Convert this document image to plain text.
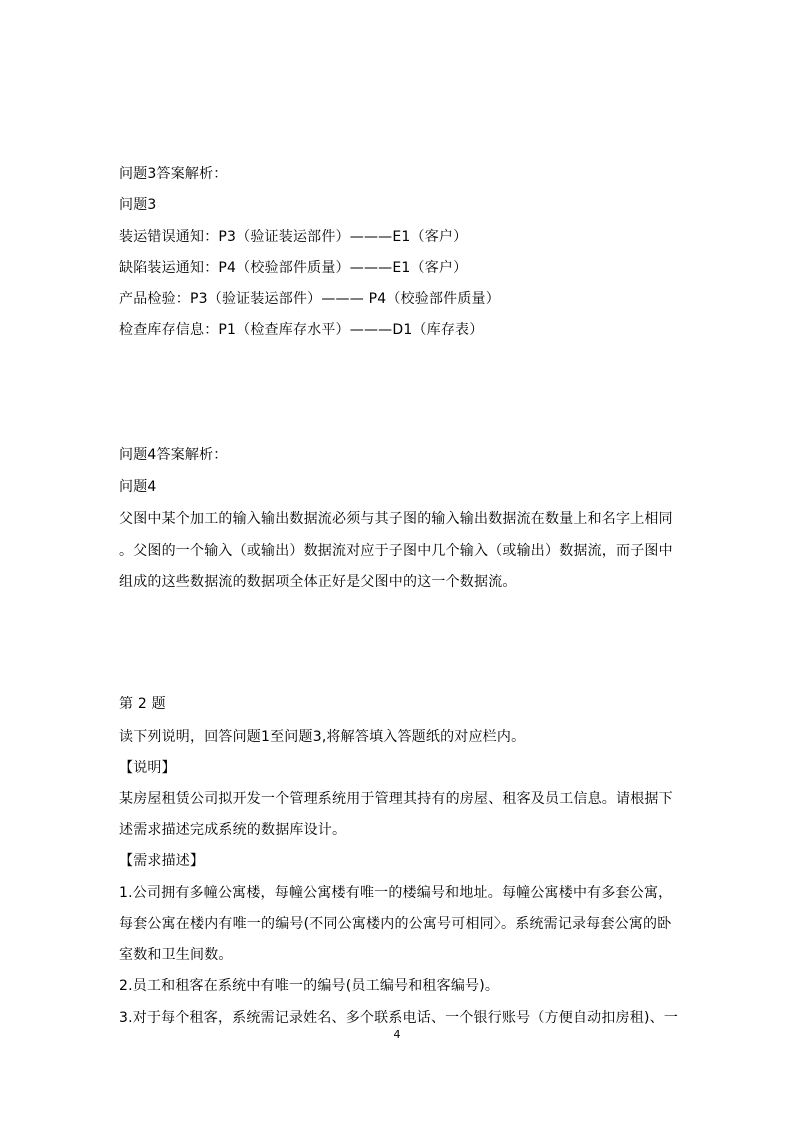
问题3答案解析：
问题3
装运错误通知：P3（验证装运部件）———E1（客户）
缺陷装运通知：P4（校验部件质量）———E1（客户）
产品检验：P3（验证装运部件）——— P4（校验部件质量）
检查库存信息：P1（检查库存水平）———D1（库存表）
问题4答案解析：
问题4
父图中某个加工的输入输出数据流必须与其子图的输入输出数据流在数量上和名字上相同
。父图的一个输入（或输出）数据流对应于子图中几个输入（或输出）数据流，而子图中
组成的这些数据流的数据项全体正好是父图中的这一个数据流。
第 2 题
读下列说明，回答问题1至问题3,将解答填入答题纸的对应栏内。
【说明】
某房屋租赁公司拟开发一个管理系统用于管理其持有的房屋、租客及员工信息。请根据下
述需求描述完成系统的数据库设计。
【需求描述】
1.公司拥有多幢公寓楼，每幢公寓楼有唯一的楼编号和地址。每幢公寓楼中有多套公寓，
每套公寓在楼内有唯一的编号(不同公寓楼内的公寓号可相同〉。系统需记录每套公寓的卧
室数和卫生间数。
2.员工和租客在系统中有唯一的编号(员工编号和租客编号)。
3.对于每个租客，系统需记录姓名、多个联系电话、一个银行账号（方便自动扣房租)、一
4
